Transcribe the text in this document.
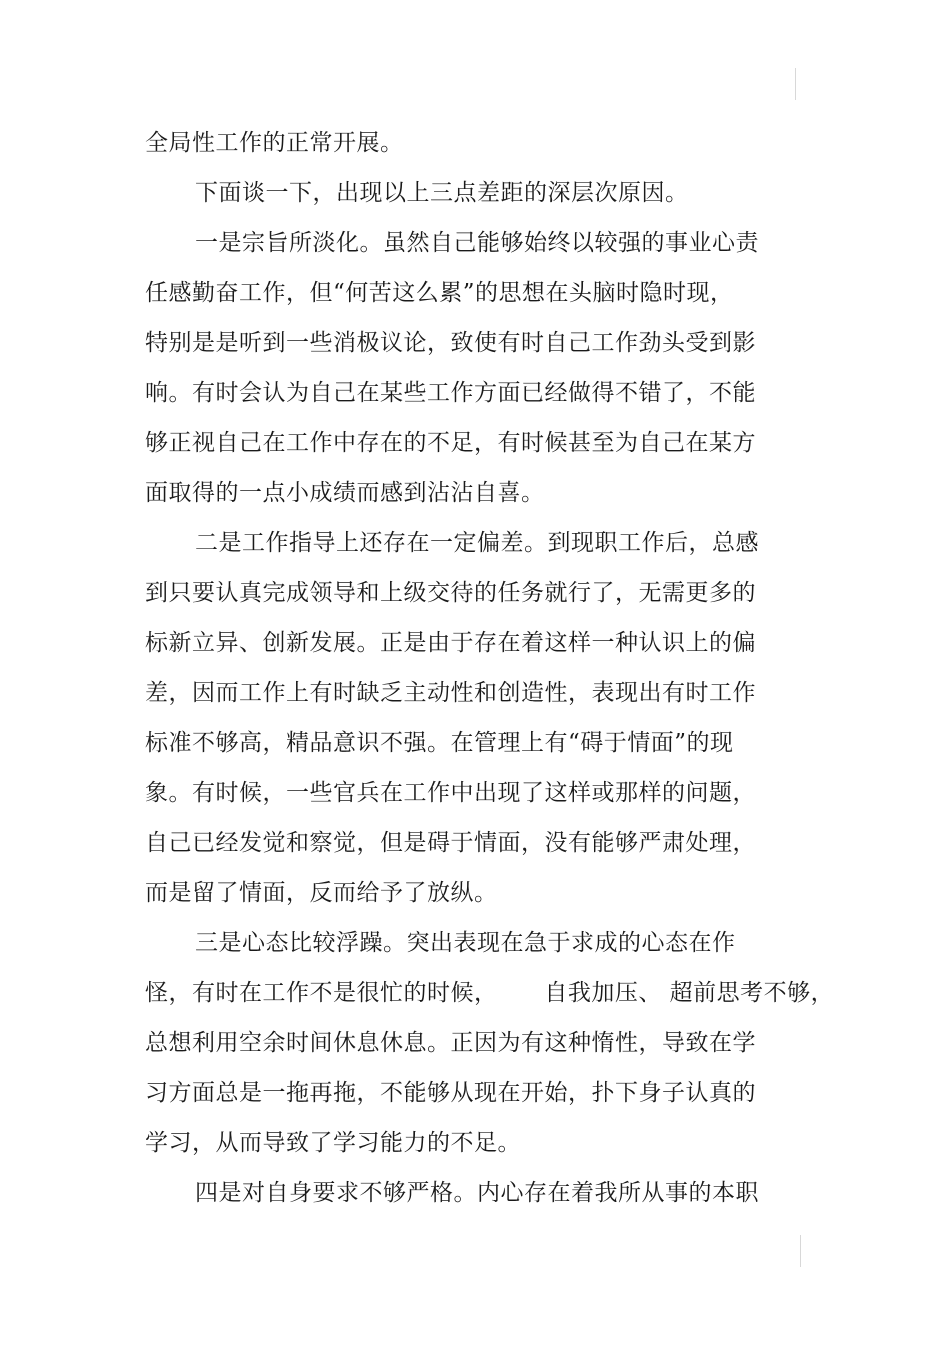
全局性工作的正常开展。
下面谈一下，出现以上三点差距的深层次原因。
一是宗旨所淡化。虽然自己能够始终以较强的事业心责
任感勤奋工作，但“何苦这么累”的思想在头脑时隐时现，
特别是是听到一些消极议论，致使有时自己工作劲头受到影
响。有时会认为自己在某些工作方面已经做得不错了，不能
够正视自己在工作中存在的不足，有时候甚至为自己在某方
面取得的一点小成绩而感到沾沾自喜。
二是工作指导上还存在一定偏差。到现职工作后，总感
到只要认真完成领导和上级交待的任务就行了，无需更多的
标新立异、创新发展。正是由于存在着这样一种认识上的偏
差，因而工作上有时缺乏主动性和创造性，表现出有时工作
标准不够高，精品意识不强。在管理上有“碍于情面”的现
象。有时候，一些官兵在工作中出现了这样或那样的问题，
自己已经发觉和察觉，但是碍于情面，没有能够严肃处理，
而是留了情面，反而给予了放纵。
三是心态比较浮躁。突出表现在急于求成的心态在作
怪，有时在工作不是很忙的时候，      自我加压、 超前思考不够，
总想利用空余时间休息休息。正因为有这种惰性，导致在学
习方面总是一拖再拖，不能够从现在开始，扑下身子认真的
学习，从而导致了学习能力的不足。
四是对自身要求不够严格。内心存在着我所从事的本职
